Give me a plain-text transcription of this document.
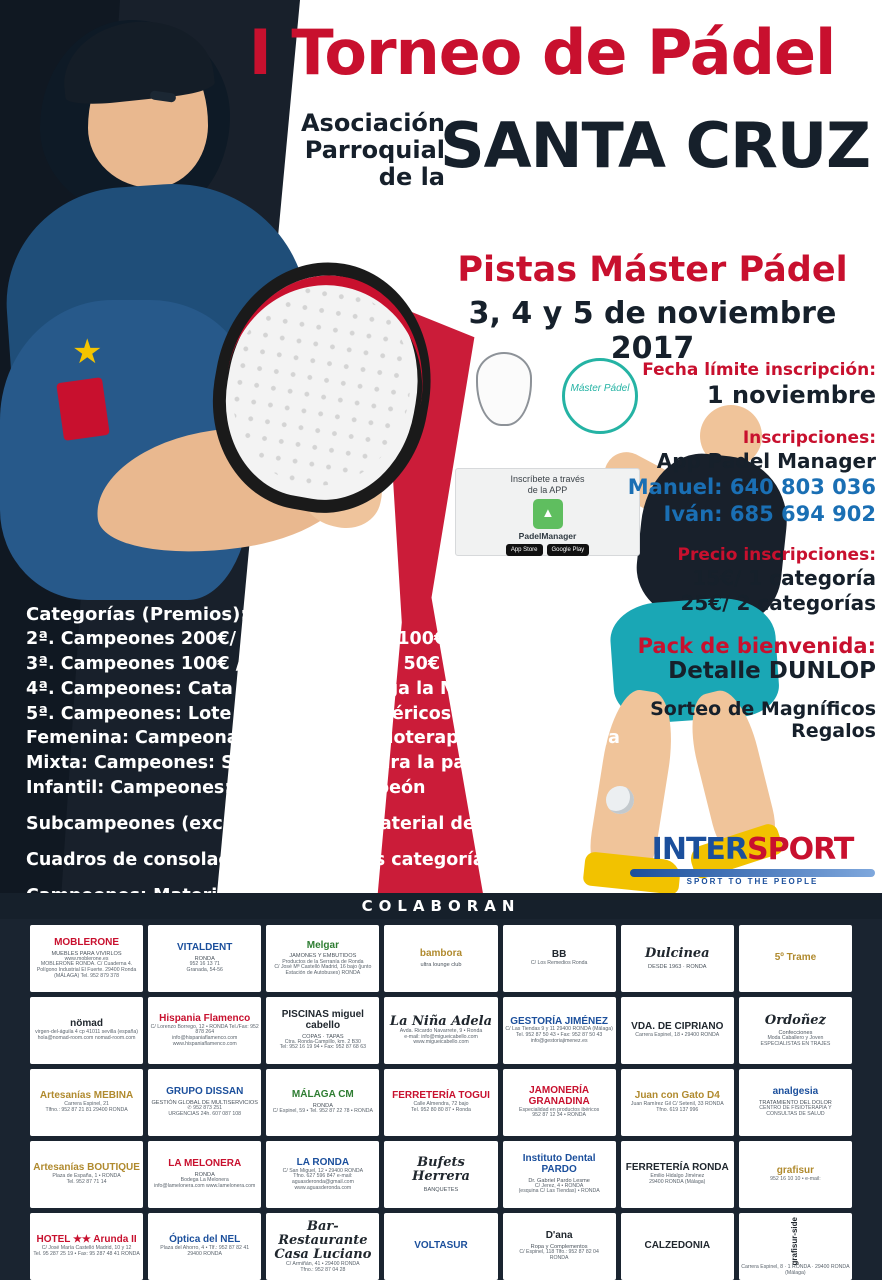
I Torneo de Pádel
Asociación
Parroquial
de la
SANTA CRUZ
Pistas Máster Pádel
3, 4 y 5 de noviembre 2017
Máster Pádel
Inscríbete a través
de la APP
▲
PadelManager
App Store	Google Play
Fecha límite inscripción:
1 noviembre
Inscripciones:
App Padel Manager
Manuel: 640 803 036
Iván: 685 694 902
Precio inscripciones:
15€/ 1 categoría
25€/ 2 categorías
Pack de bienvenida:
Detalle DUNLOP
Sorteo de Magníficos Regalos
INTERSPORT
SPORT TO THE PEOPLE
Categorías (Premios):
2ª. Campeones 200€/ Subcampeones 100€
3ª. Campeones 100€ / Subcampeones 50€
4ª. Campeones: Cata 6 pax. en Bodega la Melonera
5ª. Campeones: Lote de productos ibéricos
Femenina: Campeonas: Sesión de fisioterapia para la pareja
Mixta: Campeones: Sesión de Spa para la pareja
Infantil: Campeones: Trofeo de campeón
Subcampeones (excepto 2ª y 3ª): Material deportivo
Cuadros de consolación en todas las categorías
COLABORAN
MOBLERONE
MUEBLES PARA VIVIRLOS
www.moblerone.es
MOBLERONE RONDA. C/ Cuaderna 4. Polígono Industrial El Fuerte. 29400 Ronda (MÁLAGA) Tel. 952 879 378
VITALDENT
RONDA
952 16 13 71
Granada, 54-56
Melgar
JAMONES Y EMBUTIDOS
Productos de la Serranía de Ronda
C/ José Mª Castelló Madrid, 16 bajo (junto Estación de Autobuses) RONDA
bambora
ultra lounge club
BB
C/ Los Remedios Ronda
Dulcinea
DESDE 1963 · RONDA
5º Trame
nömad
virgen-del-águila 4 cp 41011 sevilla (españa)
hola@nomad-room.com nomad-room.com
Hispania Flamenco
C/ Lorenzo Borrego, 12 • RONDA Tel./Fax: 952 878 264
info@hispaniaflamenco.com www.hispaniaflamenco.com
PISCINAS miguel cabello
COPAS · TAPAS
Ctra. Ronda-Campillo, km. 2 B30
Tel: 952 16 19 94 • Fax: 952 87 68 63
La Niña Adela
Avda. Ricardo Navarrete, 9 • Ronda
e-mail: info@migueicabello.com www.migueicabello.com
GESTORÍA JIMÉNEZ
C/ Las Tiendas 9 y 11 29400 RONDA (Málaga)
Tel. 952 87 50 43 • Fax: 952 87 50 43 info@gestoriajimenez.es
VDA. DE CIPRIANO
Carrera Espinel, 18 • 29400 RONDA
Ordoñez
Confecciones
Moda Caballero y Joven
ESPECIALISTAS EN TRAJES
Artesanías MEBINA
Carrera Espinel, 21
Tlfno.: 952 87 21 81 29400 RONDA
GRUPO DISSAN
GESTIÓN GLOBAL DE MULTISERVICIOS
✆ 952 873 251
URGENCIAS 24h. 607 087 108
MÁLAGA CM
RONDA
C/ Espinel, 59 • Tel. 952 87 22 78 • RONDA
FERRETERÍA TOGUI
Calle Almendra, 72 bajo
Tel. 952 80 80 87 • Ronda
JAMONERÍA GRANADINA
Especialidad en productos ibéricos
952 87 12 34 • RONDA
Juan con Gato D4
Juan Ramírez Gil C/ Setenil, 33 RONDA
Tfno. 619 137 996
analgesia
TRATAMIENTO DEL DOLOR
CENTRO DE FISIOTERAPIA Y
CONSULTAS DE SALUD
Artesanías BOUTIQUE
Plaza de España, 1 • RONDA
Tel. 952 87 71 14
LA MELONERA
RONDA
Bodega La Melonera
info@lamelonera.com www.lamelonera.com
LA RONDA
C/ San Miguel, 12 • 29400 RONDA
Tfno. 627 596 847 e-mail: aguasderonda@gmail.com www.aguasderonda.com
Bufets Herrera
BANQUETES
Instituto Dental PARDO
Dr. Gabriel Pardo Lesme
C/ Jerez, 4 • RONDA
(esquina C/ Las Tiendas) • RONDA
FERRETERÍA RONDA
Emilio Hidalgo Jiménez
29400 RONDA (Málaga)
grafisur
952 16 10 10 • e-mail:
HOTEL ★★ Arunda II
C/ José María Castelló Madrid, 10 y 12
Tel. 95 287 25 19 • Fax: 95 287 48 41 RONDA
Óptica del NEL
Plaza del Ahorro, 4 • Tlf.: 952 87 82 41
29400 RONDA
Bar-Restaurante Casa Luciano
C/ Armiñán, 41 • 29400 RONDA
Tfno.: 952 87 04 28
VOLTASUR
D'ana
Ropa y Complementos
C/ Espinel, 118 Tlfo.: 952 87 82 04
RONDA
CALZEDONIA	grafisur-side
Carrera Espinel, 8 · 1 RONDA · 29400 RONDA (Málaga)
